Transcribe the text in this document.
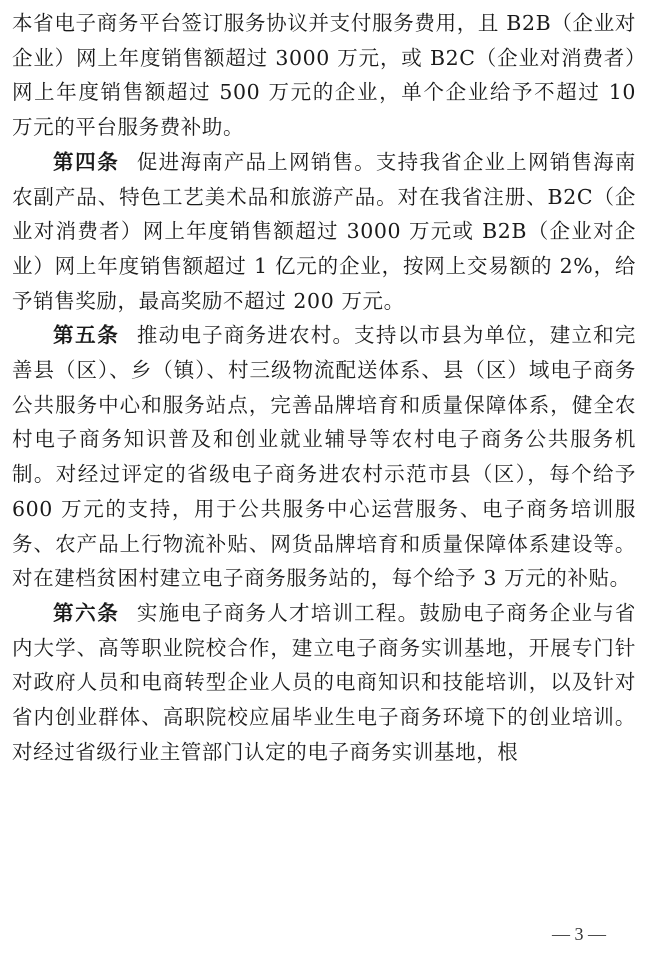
本省电子商务平台签订服务协议并支付服务费用，且 B2B（企业对企业）网上年度销售额超过 3000 万元，或 B2C（企业对消费者）网上年度销售额超过 500 万元的企业，单个企业给予不超过 10 万元的平台服务费补助。

第四条 促进海南产品上网销售。支持我省企业上网销售海南农副产品、特色工艺美术品和旅游产品。对在我省注册、B2C（企业对消费者）网上年度销售额超过 3000 万元或 B2B（企业对企业）网上年度销售额超过 1 亿元的企业，按网上交易额的 2%，给予销售奖励，最高奖励不超过 200 万元。

第五条 推动电子商务进农村。支持以市县为单位，建立和完善县（区）、乡（镇）、村三级物流配送体系、县（区）域电子商务公共服务中心和服务站点，完善品牌培育和质量保障体系，健全农村电子商务知识普及和创业就业辅导等农村电子商务公共服务机制。对经过评定的省级电子商务进农村示范市县（区），每个给予 600 万元的支持，用于公共服务中心运营服务、电子商务培训服务、农产品上行物流补贴、网货品牌培育和质量保障体系建设等。对在建档贫困村建立电子商务服务站的，每个给予 3 万元的补贴。

第六条 实施电子商务人才培训工程。鼓励电子商务企业与省内大学、高等职业院校合作，建立电子商务实训基地，开展专门针对政府人员和电商转型企业人员的电商知识和技能培训，以及针对省内创业群体、高职院校应届毕业生电子商务环境下的创业培训。对经过省级行业主管部门认定的电子商务实训基地，根

— 3 —
